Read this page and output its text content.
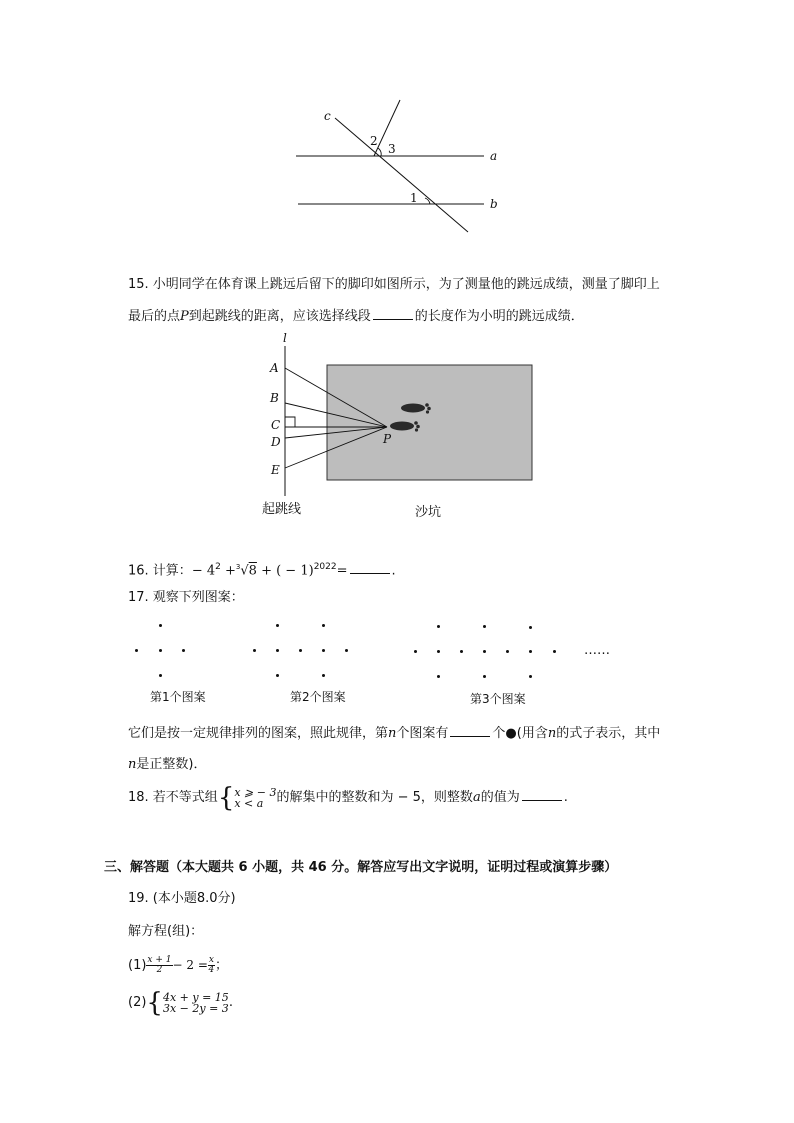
c
2
3	a
1	b
15. 小明同学在体育课上跳远后留下的脚印如图所示，为了测量他的跳远成绩，测量了脚印上
最后的点P到起跳线的距离，应该选择线段	的长度作为小明的跳远成绩．
l
A
B
C
D
E
P
起跳线	沙坑
16. 计算：− $4^2 +^3√8$ + ( − 1)$^{2022}$=	.
17. 观察下列图案：
……
第1个图案	第2个图案	第3个图案
它们是按一定规律排列的图案，照此规律，第n个图案有	个●(用含n的式子表示，其中
n是正整数)．
18. 若不等式组{x ⩾ − 3
x < a 的解集中的整数和为 − 5，则整数a的值为	.
三、解答题（本大题共 6 小题，共 46 分。解答应写出文字说明，证明过程或演算步骤）
19. (本小题8.0分)
解方程(组)：
$(1) \frac{x + 1}{2} - 2 = \frac{x}{4}$ ；
(2){4x + y = 15
3x − 2y = 3.
